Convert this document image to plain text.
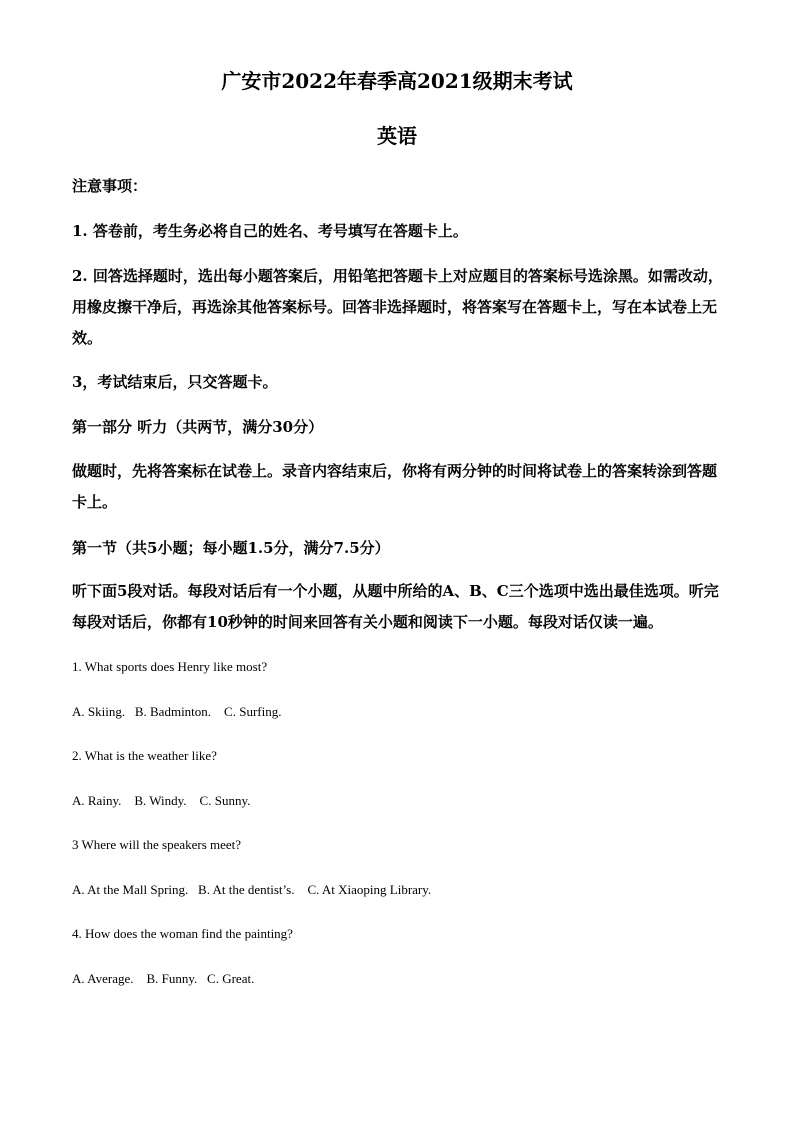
广安市2022年春季高2021级期末考试
英语

注意事项：

1. 答卷前，考生务必将自己的姓名、考号填写在答题卡上。

2. 回答选择题时，选出每小题答案后，用铅笔把答题卡上对应题目的答案标号选涂黑。如需改动，用橡皮擦干净后，再选涂其他答案标号。回答非选择题时，将答案写在答题卡上，写在本试卷上无效。

3，考试结束后，只交答题卡。

第一部分 听力（共两节，满分30分）

做题时，先将答案标在试卷上。录音内容结束后，你将有两分钟的时间将试卷上的答案转涂到答题卡上。

第一节（共5小题；每小题1.5分，满分7.5分）

听下面5段对话。每段对话后有一个小题，从题中所给的A、B、C三个选项中选出最佳选项。听完每段对话后，你都有10秒钟的时间来回答有关小题和阅读下一小题。每段对话仅读一遍。

1. What sports does Henry like most?

A. Skiing.   B. Badminton.    C. Surfing.

2. What is the weather like?

A. Rainy.    B. Windy.    C. Sunny.

3 Where will the speakers meet?

A. At the Mall Spring.   B. At the dentist’s.    C. At Xiaoping Library.

4. How does the woman find the painting?

A. Average.    B. Funny.   C. Great.
